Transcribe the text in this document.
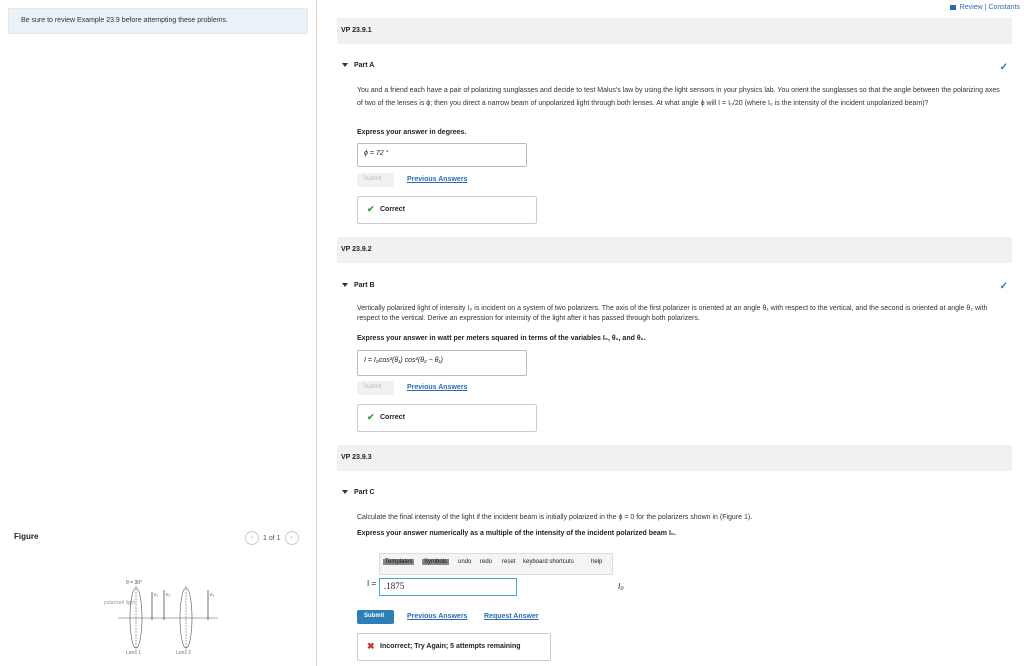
Be sure to review Example 23.9 before attempting these problems.
Figure	‹ 1 of 1 ›
θ = 30°
polarized light
E₁ E₂	E₀
Lens 1	Lens 2
Review | Constants
VP 23.9.1
Part A	✓
You and a friend each have a pair of polarizing sunglasses and decide to test Malus's law by using the light sensors in your physics lab. You orient the sunglasses so that the angle between the polarizing axes of two of the lenses is ϕ; then you direct a narrow beam of unpolarized light through both lenses. At what angle ϕ will I = I₀/20 (where I₀ is the intensity of the incident unpolarized beam)?
Express your answer in degrees.
ϕ = 72 °
Submit	Previous Answers
✔ Correct
VP 23.9.2
Part B	✓
Vertically polarized light of intensity I₀ is incident on a system of two polarizers. The axis of the first polarizer is oriented at an angle θ₁ with respect to the vertical, and the second is oriented at angle θ₂ with respect to the vertical. Derive an expression for intensity of the light after it has passed through both polarizers.
Express your answer in watt per meters squared in terms of the variables I₀, θ₁, and θ₂.
I = I₀cos²(θ₁) cos²(θ₂ − θ₁)
Submit	Previous Answers
✔ Correct
VP 23.9.3
Part C
Calculate the final intensity of the light if the incident beam is initially polarized in the ϕ = 0 for the polarizers shown in (Figure 1).
Express your answer numerically as a multiple of the intensity of the incident polarized beam I₀.
Templates	Symbols	undo redo reset keyboard shortcuts	help
I = .1875	I₀
Submit	Previous Answers Request Answer
✖ Incorrect; Try Again; 5 attempts remaining
